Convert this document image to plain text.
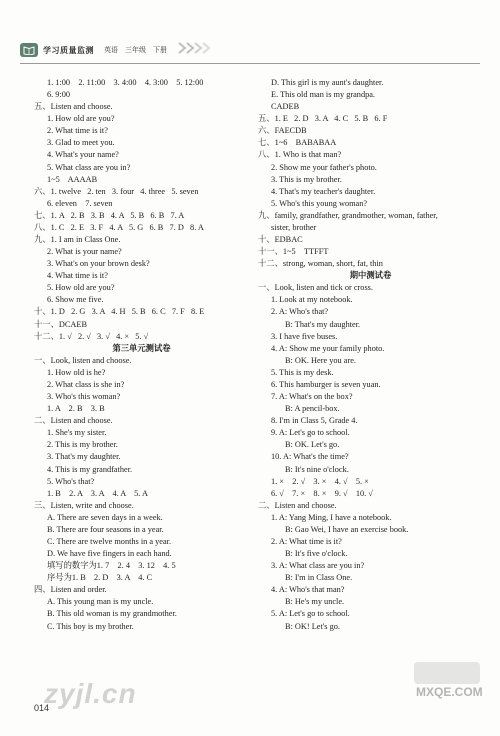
学习质量监测 英语 三年级 下册
1. 1:00    2. 11:00    3. 4:00    4. 3:00    5. 12:00
6. 9:00
五、Listen and choose.
1. How old are you?
2. What time is it?
3. Glad to meet you.
4. What's your name?
5. What class are you in?
1~5    AAAAB
六、1. twelve   2. ten   3. four   4. three   5. seven
6. eleven    7. seven
七、1. A   2. B   3. B   4. A   5. B   6. B   7. A
八、1. C   2. E   3. F   4. A   5. G   6. B   7. D   8. A
九、1. I am in Class One.
2. What is your name?
3. What's on your brown desk?
4. What time is it?
5. How old are you?
6. Show me five.
十、1. D   2. G   3. A   4. H   5. B   6. C   7. F   8. E
十一、DCAEB
十二、1. √   2. √   3. √   4. ×   5. √
第三单元测试卷
一、Look, listen and choose.
1. How old is he?
2. What class is she in?
3. Who's this woman?
1. A    2. B    3. B
二、Listen and choose.
1. She's my sister.
2. This is my brother.
3. That's my daughter.
4. This is my grandfather.
5. Who's that?
1. B    2. A    3. A    4. A    5. A
三、Listen, write and choose.
A. There are seven days in a week.
B. There are four seasons in a year.
C. There are twelve months in a year.
D. We have five fingers in each hand.
填写的数字为1. 7    2. 4    3. 12    4. 5
序号为1. B    2. D    3. A    4. C
四、Listen and order.
A. This young man is my uncle.
B. This old woman is my grandmother.
C. This boy is my brother.
D. This girl is my aunt's daughter.
E. This old man is my grandpa.
CADEB
五、1. E   2. D   3. A   4. C   5. B   6. F
六、FAECDB
七、1~6    BABABAA
八、1. Who is that man?
2. Show me your father's photo.
3. This is my brother.
4. That's my teacher's daughter.
5. Who's this young woman?
九、family, grandfather, grandmother, woman, father,
sister, brother
十、EDBAC
十一、1~5    TTFFT
十二、strong, woman, short, fat, thin
期中测试卷
一、Look, listen and tick or cross.
1. Look at my notebook.
2. A: Who's that?
B: That's my daughter.
3. I have five buses.
4. A: Show me your family photo.
B: OK. Here you are.
5. This is my desk.
6. This hamburger is seven yuan.
7. A: What's on the box?
B: A pencil-box.
8. I'm in Class 5, Grade 4.
9. A: Let's go to school.
B: OK. Let's go.
10. A: What's the time?
B: It's nine o'clock.
1. ×    2. √    3. ×    4. √    5. ×
6. √    7. ×    8. ×    9. √    10. √
二、Listen and choose.
1. A: Yang Ming, I have a notebook.
B: Gao Wei, I have an exercise book.
2. A: What time is it?
B: It's five o'clock.
3. A: What class are you in?
B: I'm in Class One.
4. A: Who's that man?
B: He's my uncle.
5. A: Let's go to school.
B: OK! Let's go.
014
zyjl.cn	MXQE.COM
